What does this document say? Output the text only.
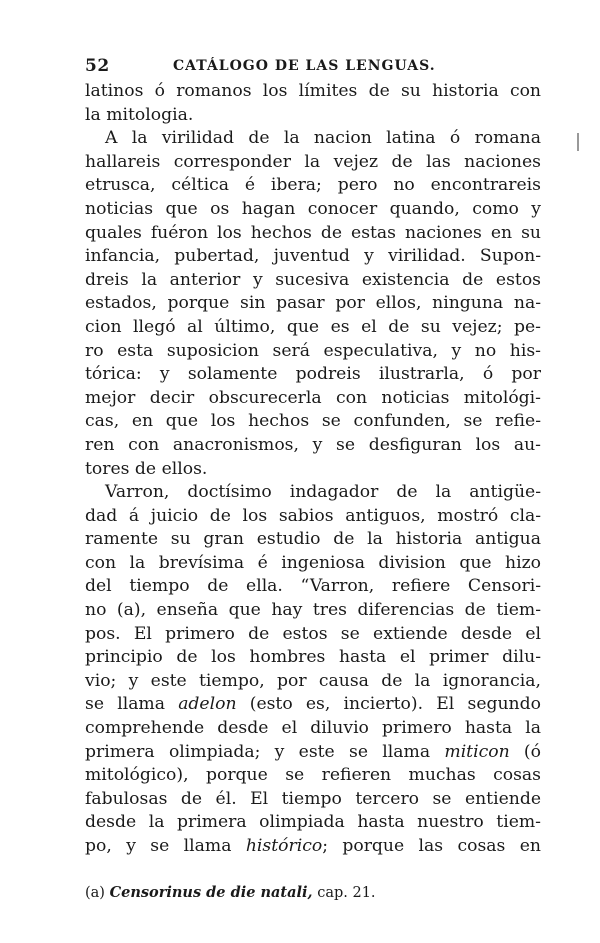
52	CATÁLOGO DE LAS LENGUAS.
latinos ó romanos los límites de su historia con
la mitologia.
A la virilidad de la nacion latina ó romana
hallareis corresponder la vejez de las naciones
etrusca, céltica é ibera; pero no encontrareis
noticias que os hagan conocer quando, como y
quales fuéron los hechos de estas naciones en su
infancia, pubertad, juventud y virilidad. Supon-
dreis la anterior y sucesiva existencia de estos
estados, porque sin pasar por ellos, ninguna na-
cion llegó al último, que es el de su vejez; pe-
ro esta suposicion será especulativa, y no his-
tórica: y solamente podreis ilustrarla, ó por
mejor decir obscurecerla con noticias mitológi-
cas, en que los hechos se confunden, se refie-
ren con anacronismos, y se desfiguran los au-
tores de ellos.
Varron, doctísimo indagador de la antigüe-
dad á juicio de los sabios antiguos, mostró cla-
ramente su gran estudio de la historia antigua
con la brevísima é ingeniosa division que hizo
del tiempo de ella. “Varron, refiere Censori-
no (a), enseña que hay tres diferencias de tiem-
pos. El primero de estos se extiende desde el
principio de los hombres hasta el primer dilu-
vio; y este tiempo, por causa de la ignorancia,
se llama adelon (esto es, incierto). El segundo
comprehende desde el diluvio primero hasta la
primera olimpiada; y este se llama miticon (ó
mitológico), porque se refieren muchas cosas
fabulosas de él. El tiempo tercero se entiende
desde la primera olimpiada hasta nuestro tiem-
po, y se llama histórico; porque las cosas en
(a) Censorinus de die natali, cap. 21.
